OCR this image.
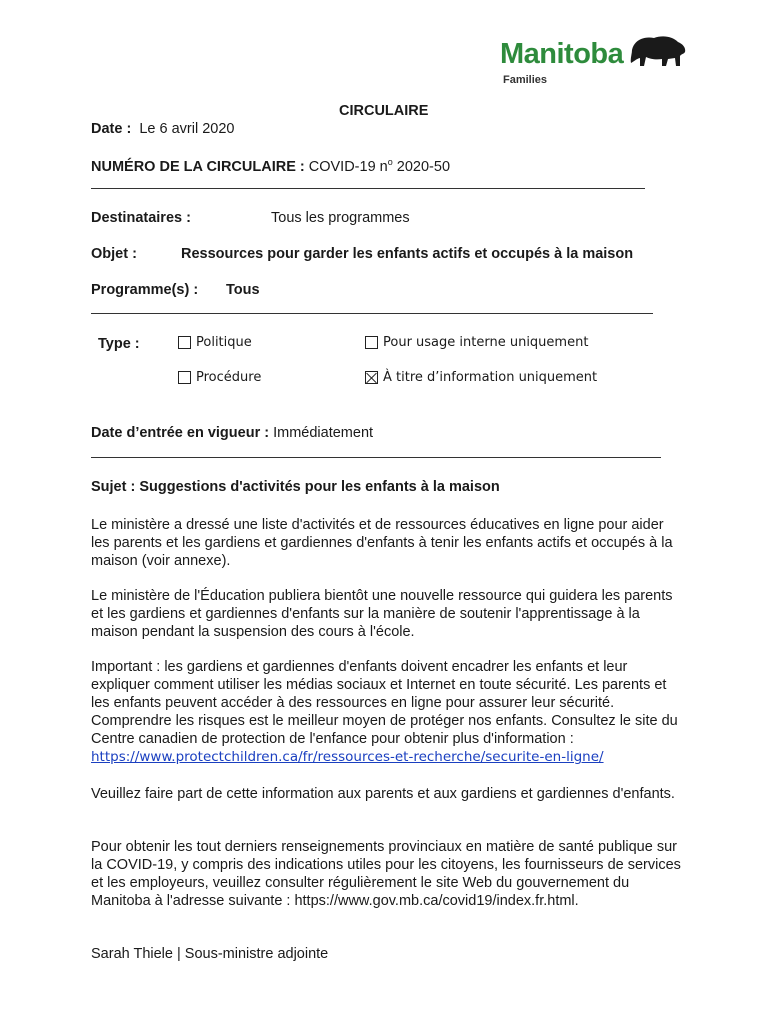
Manitoba
Families
CIRCULAIRE
Date : Le 6 avril 2020
NUMÉRO DE LA CIRCULAIRE : COVID-19 $n^o$ 2020-50
Destinataires :	Tous les programmes
Objet :	Ressources pour garder les enfants actifs et occupés à la maison
Programme(s) : Tous
Type :	Politique	Pour usage interne uniquement
Procédure	À titre d’information uniquement
Date d’entrée en vigueur : Immédiatement
Sujet : Suggestions d'activités pour les enfants à la maison
Le ministère a dressé une liste d'activités et de ressources éducatives en ligne pour aider les parents et les gardiens et gardiennes d'enfants à tenir les enfants actifs et occupés à la maison (voir annexe).
Le ministère de l'Éducation publiera bientôt une nouvelle ressource qui guidera les parents et les gardiens et gardiennes d'enfants sur la manière de soutenir l'apprentissage à la maison pendant la suspension des cours à l'école.
Important : les gardiens et gardiennes d'enfants doivent encadrer les enfants et leur expliquer comment utiliser les médias sociaux et Internet en toute sécurité. Les parents et les enfants peuvent accéder à des ressources en ligne pour assurer leur sécurité. Comprendre les risques est le meilleur moyen de protéger nos enfants. Consultez le site du Centre canadien de protection de l'enfance pour obtenir plus d'information : https://www.protectchildren.ca/fr/ressources-et-recherche/securite-en-ligne/
Veuillez faire part de cette information aux parents et aux gardiens et gardiennes d'enfants.
Pour obtenir les tout derniers renseignements provinciaux en matière de santé publique sur la COVID-19, y compris des indications utiles pour les citoyens, les fournisseurs de services et les employeurs, veuillez consulter régulièrement le site Web du gouvernement du Manitoba à l'adresse suivante : https://www.gov.mb.ca/covid19/index.fr.html.
Sarah Thiele | Sous-ministre adjointe
